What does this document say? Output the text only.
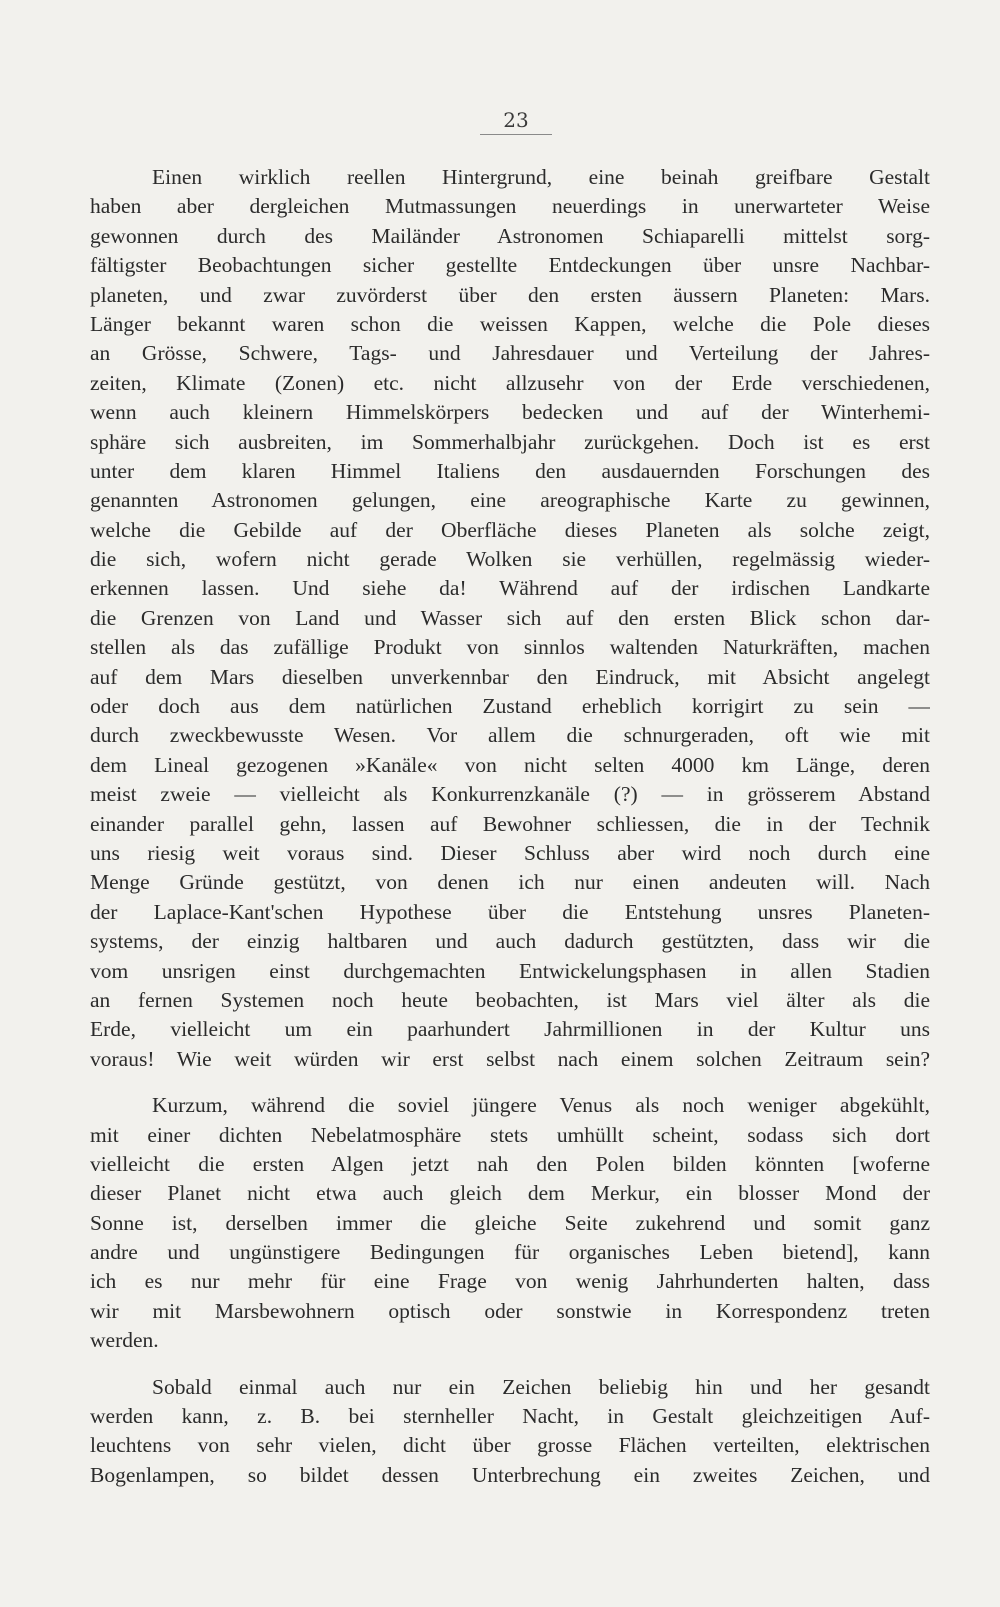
23
Einen wirklich reellen Hintergrund, eine beinah greifbare Gestalt
haben aber dergleichen Mutmassungen neuerdings in unerwarteter Weise
gewonnen durch des Mailänder Astronomen Schiaparelli mittelst sorg-
fältigster Beobachtungen sicher gestellte Entdeckungen über unsre Nachbar-
planeten, und zwar zuvörderst über den ersten äussern Planeten: Mars.
Länger bekannt waren schon die weissen Kappen, welche die Pole dieses
an Grösse, Schwere, Tags- und Jahresdauer und Verteilung der Jahres-
zeiten, Klimate (Zonen) etc. nicht allzusehr von der Erde verschiedenen,
wenn auch kleinern Himmelskörpers bedecken und auf der Winterhemi-
sphäre sich ausbreiten, im Sommerhalbjahr zurückgehen. Doch ist es erst
unter dem klaren Himmel Italiens den ausdauernden Forschungen des
genannten Astronomen gelungen, eine areographische Karte zu gewinnen,
welche die Gebilde auf der Oberfläche dieses Planeten als solche zeigt,
die sich, wofern nicht gerade Wolken sie verhüllen, regelmässig wieder-
erkennen lassen. Und siehe da! Während auf der irdischen Landkarte
die Grenzen von Land und Wasser sich auf den ersten Blick schon dar-
stellen als das zufällige Produkt von sinnlos waltenden Naturkräften, machen
auf dem Mars dieselben unverkennbar den Eindruck, mit Absicht angelegt
oder doch aus dem natürlichen Zustand erheblich korrigirt zu sein —
durch zweckbewusste Wesen. Vor allem die schnurgeraden, oft wie mit
dem Lineal gezogenen »Kanäle« von nicht selten 4000 km Länge, deren
meist zweie — vielleicht als Konkurrenzkanäle (?) — in grösserem Abstand
einander parallel gehn, lassen auf Bewohner schliessen, die in der Technik
uns riesig weit voraus sind. Dieser Schluss aber wird noch durch eine
Menge Gründe gestützt, von denen ich nur einen andeuten will. Nach
der Laplace-Kant'schen Hypothese über die Entstehung unsres Planeten-
systems, der einzig haltbaren und auch dadurch gestützten, dass wir die
vom unsrigen einst durchgemachten Entwickelungsphasen in allen Stadien
an fernen Systemen noch heute beobachten, ist Mars viel älter als die
Erde, vielleicht um ein paarhundert Jahrmillionen in der Kultur uns
voraus! Wie weit würden wir erst selbst nach einem solchen Zeitraum sein?
Kurzum, während die soviel jüngere Venus als noch weniger abgekühlt,
mit einer dichten Nebelatmosphäre stets umhüllt scheint, sodass sich dort
vielleicht die ersten Algen jetzt nah den Polen bilden könnten [woferne
dieser Planet nicht etwa auch gleich dem Merkur, ein blosser Mond der
Sonne ist, derselben immer die gleiche Seite zukehrend und somit ganz
andre und ungünstigere Bedingungen für organisches Leben bietend], kann
ich es nur mehr für eine Frage von wenig Jahrhunderten halten, dass
wir mit Marsbewohnern optisch oder sonstwie in Korrespondenz treten
werden.
Sobald einmal auch nur ein Zeichen beliebig hin und her gesandt
werden kann, z. B. bei sternheller Nacht, in Gestalt gleichzeitigen Auf-
leuchtens von sehr vielen, dicht über grosse Flächen verteilten, elektrischen
Bogenlampen, so bildet dessen Unterbrechung ein zweites Zeichen, und
